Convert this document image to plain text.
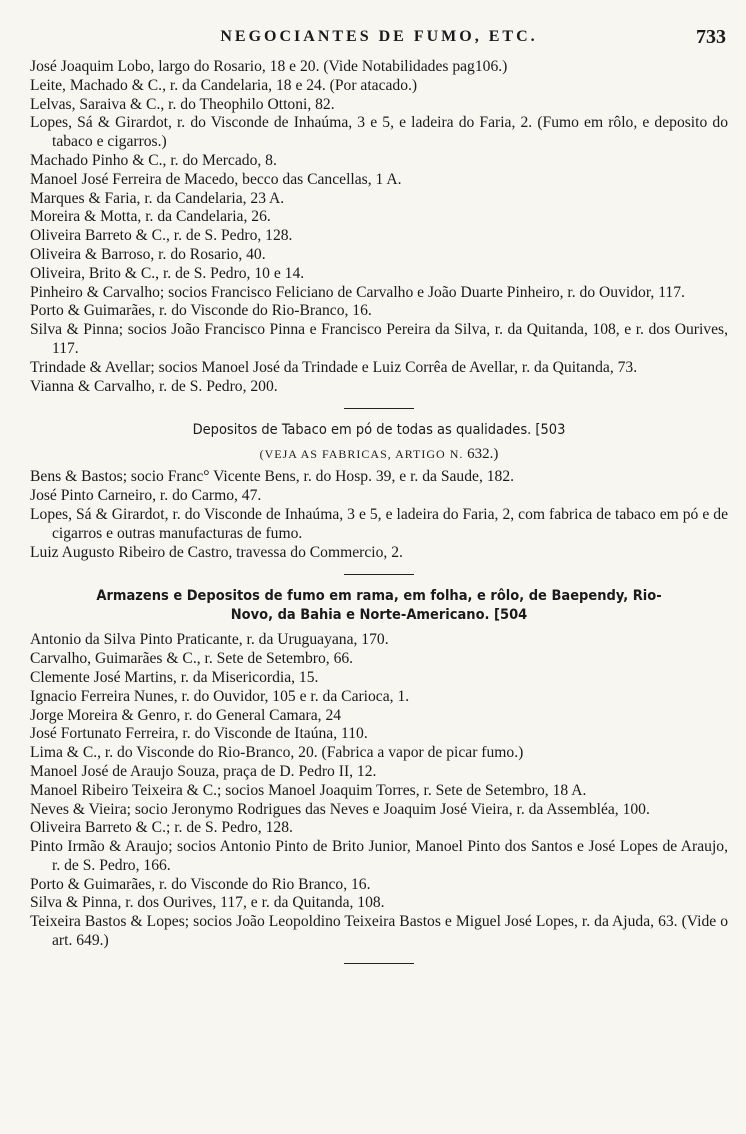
NEGOCIANTES DE FUMO, ETC.	733
José Joaquim Lobo, largo do Rosario, 18 e 20. (Vide Notabilidades pag106.)
Leite, Machado & C., r. da Candelaria, 18 e 24. (Por atacado.)
Lelvas, Saraiva & C., r. do Theophilo Ottoni, 82.
Lopes, Sá & Girardot, r. do Visconde de Inhaúma, 3 e 5, e ladeira do Faria, 2. (Fumo em rôlo, e deposito do tabaco e cigarros.)
Machado Pinho & C., r. do Mercado, 8.
Manoel José Ferreira de Macedo, becco das Cancellas, 1 A.
Marques & Faria, r. da Candelaria, 23 A.
Moreira & Motta, r. da Candelaria, 26.
Oliveira Barreto & C., r. de S. Pedro, 128.
Oliveira & Barroso, r. do Rosario, 40.
Oliveira, Brito & C., r. de S. Pedro, 10 e 14.
Pinheiro & Carvalho; socios Francisco Feliciano de Carvalho e João Duarte Pinheiro, r. do Ouvidor, 117.
Porto & Guimarães, r. do Visconde do Rio-Branco, 16.
Silva & Pinna; socios João Francisco Pinna e Francisco Pereira da Silva, r. da Quitanda, 108, e r. dos Ourives, 117.
Trindade & Avellar; socios Manoel José da Trindade e Luiz Corrêa de Avellar, r. da Quitanda, 73.
Vianna & Carvalho, r. de S. Pedro, 200.
Depositos de Tabaco em pó de todas as qualidades. [503
(VEJA AS FABRICAS, ARTIGO N. 632.)
Bens & Bastos; socio Franc° Vicente Bens, r. do Hosp. 39, e r. da Saude, 182.
José Pinto Carneiro, r. do Carmo, 47.
Lopes, Sá & Girardot, r. do Visconde de Inhaúma, 3 e 5, e ladeira do Faria, 2, com fabrica de tabaco em pó e de cigarros e outras manufacturas de fumo.
Luiz Augusto Ribeiro de Castro, travessa do Commercio, 2.
Armazens e Depositos de fumo em rama, em folha, e rôlo, de Baependy, Rio-
Novo, da Bahia e Norte-Americano. [504
Antonio da Silva Pinto Praticante, r. da Uruguayana, 170.
Carvalho, Guimarães & C., r. Sete de Setembro, 66.
Clemente José Martins, r. da Misericordia, 15.
Ignacio Ferreira Nunes, r. do Ouvidor, 105 e r. da Carioca, 1.
Jorge Moreira & Genro, r. do General Camara, 24
José Fortunato Ferreira, r. do Visconde de Itaúna, 110.
Lima & C., r. do Visconde do Rio-Branco, 20. (Fabrica a vapor de picar fumo.)
Manoel José de Araujo Souza, praça de D. Pedro II, 12.
Manoel Ribeiro Teixeira & C.; socios Manoel Joaquim Torres, r. Sete de Setembro, 18 A.
Neves & Vieira; socio Jeronymo Rodrigues das Neves e Joaquim José Vieira, r. da Assembléa, 100.
Oliveira Barreto & C.; r. de S. Pedro, 128.
Pinto Irmão & Araujo; socios Antonio Pinto de Brito Junior, Manoel Pinto dos Santos e José Lopes de Araujo, r. de S. Pedro, 166.
Porto & Guimarães, r. do Visconde do Rio Branco, 16.
Silva & Pinna, r. dos Ourives, 117, e r. da Quitanda, 108.
Teixeira Bastos & Lopes; socios João Leopoldino Teixeira Bastos e Miguel José Lopes, r. da Ajuda, 63. (Vide o art. 649.)
